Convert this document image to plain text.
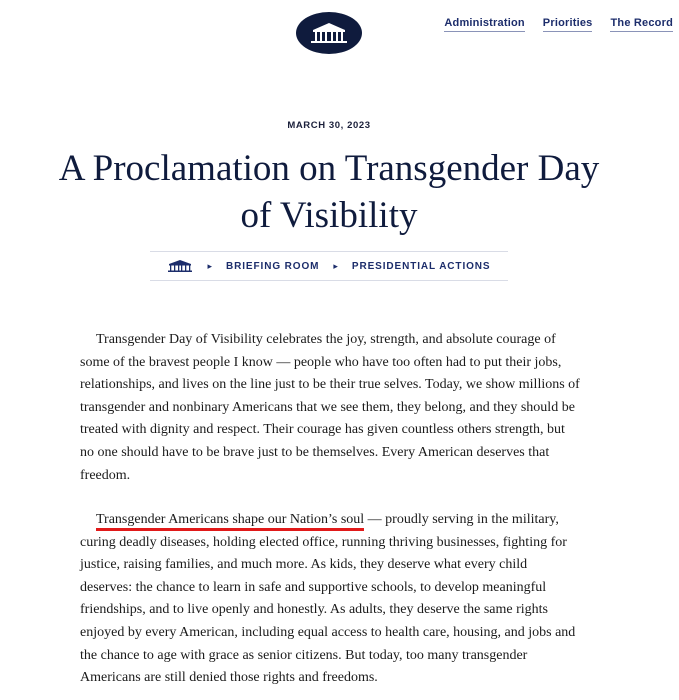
Administration Priorities The Record
MARCH 30, 2023
A Proclamation on Transgender Day
of Visibility
▸ BRIEFING ROOM ▸ PRESIDENTIAL ACTIONS

Transgender Day of Visibility celebrates the joy, strength, and absolute courage of some of the bravest people I know — people who have too often had to put their jobs, relationships, and lives on the line just to be their true selves. Today, we show millions of transgender and nonbinary Americans that we see them, they belong, and they should be treated with dignity and respect. Their courage has given countless others strength, but no one should have to be brave just to be themselves. Every American deserves that freedom.

Transgender Americans shape our Nation’s soul — proudly serving in the military, curing deadly diseases, holding elected office, running thriving businesses, fighting for justice, raising families, and much more. As kids, they deserve what every child deserves: the chance to learn in safe and supportive schools, to develop meaningful friendships, and to live openly and honestly. As adults, they deserve the same rights enjoyed by every American, including equal access to health care, housing, and jobs and the chance to age with grace as senior citizens. But today, too many transgender Americans are still denied those rights and freedoms.
